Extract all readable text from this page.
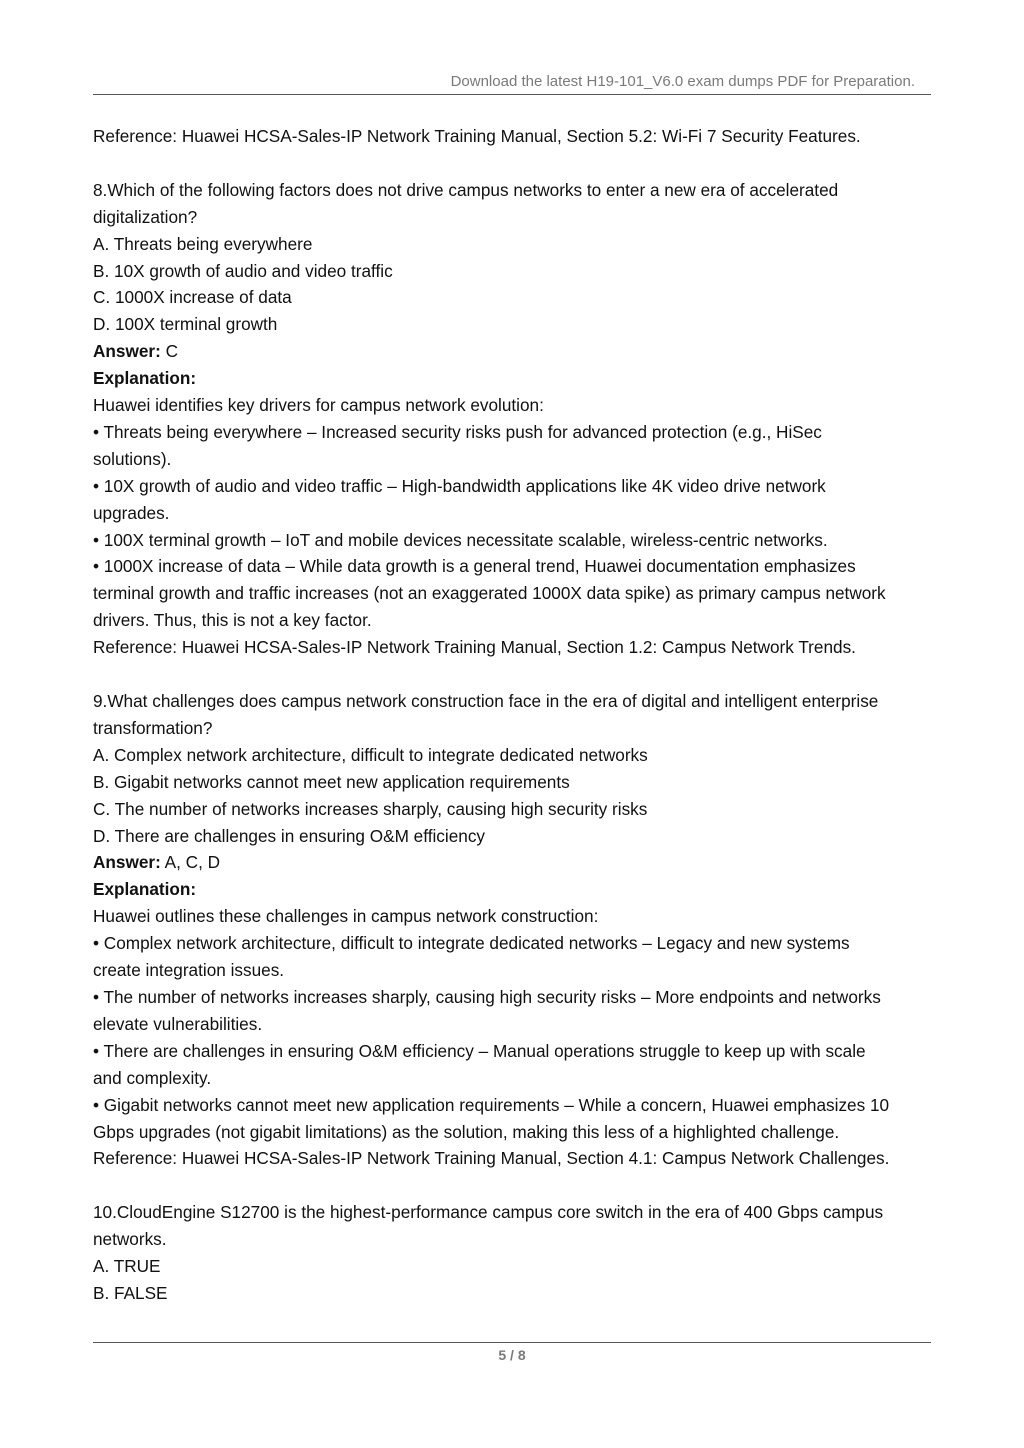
Download the latest H19-101_V6.0 exam dumps PDF for Preparation.

Reference: Huawei HCSA-Sales-IP Network Training Manual, Section 5.2: Wi-Fi 7 Security Features.

8.Which of the following factors does not drive campus networks to enter a new era of accelerated

digitalization?

A. Threats being everywhere

B. 10X growth of audio and video traffic

C. 1000X increase of data

D. 100X terminal growth

Answer: C

Explanation:

Huawei identifies key drivers for campus network evolution:

• Threats being everywhere – Increased security risks push for advanced protection (e.g., HiSec

solutions).

• 10X growth of audio and video traffic – High-bandwidth applications like 4K video drive network

upgrades.

• 100X terminal growth – IoT and mobile devices necessitate scalable, wireless-centric networks.

• 1000X increase of data – While data growth is a general trend, Huawei documentation emphasizes

terminal growth and traffic increases (not an exaggerated 1000X data spike) as primary campus network

drivers. Thus, this is not a key factor.

Reference: Huawei HCSA-Sales-IP Network Training Manual, Section 1.2: Campus Network Trends.

9.What challenges does campus network construction face in the era of digital and intelligent enterprise

transformation?

A. Complex network architecture, difficult to integrate dedicated networks

B. Gigabit networks cannot meet new application requirements

C. The number of networks increases sharply, causing high security risks

D. There are challenges in ensuring O&M efficiency

Answer: A, C, D

Explanation:

Huawei outlines these challenges in campus network construction:

• Complex network architecture, difficult to integrate dedicated networks – Legacy and new systems

create integration issues.

• The number of networks increases sharply, causing high security risks – More endpoints and networks

elevate vulnerabilities.

• There are challenges in ensuring O&M efficiency – Manual operations struggle to keep up with scale

and complexity.

• Gigabit networks cannot meet new application requirements – While a concern, Huawei emphasizes 10

Gbps upgrades (not gigabit limitations) as the solution, making this less of a highlighted challenge.

Reference: Huawei HCSA-Sales-IP Network Training Manual, Section 4.1: Campus Network Challenges.

10.CloudEngine S12700 is the highest-performance campus core switch in the era of 400 Gbps campus

networks.

A. TRUE

B. FALSE

5 / 8
